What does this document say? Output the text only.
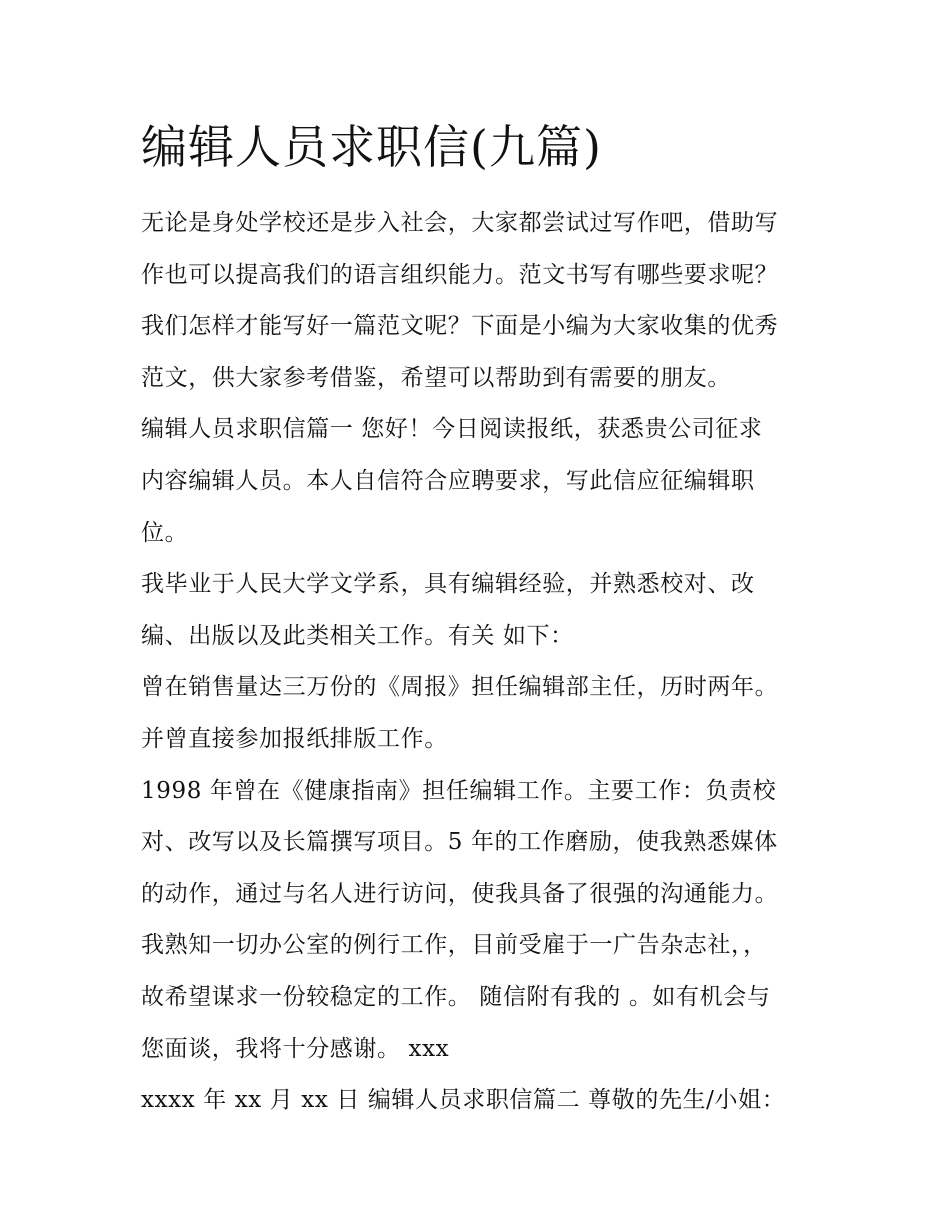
编辑人员求职信(九篇)
无论是身处学校还是步入社会，大家都尝试过写作吧，借助写
作也可以提高我们的语言组织能力。范文书写有哪些要求呢？
我们怎样才能写好一篇范文呢？下面是小编为大家收集的优秀
范文，供大家参考借鉴，希望可以帮助到有需要的朋友。
编辑人员求职信篇一 您好！今日阅读报纸，获悉贵公司征求
内容编辑人员。本人自信符合应聘要求，写此信应征编辑职
位。
我毕业于人民大学文学系，具有编辑经验，并熟悉校对、改
编、出版以及此类相关工作。有关 如下：
曾在销售量达三万份的《周报》担任编辑部主任，历时两年。
并曾直接参加报纸排版工作。
1998 年曾在《健康指南》担任编辑工作。主要工作：负责校
对、改写以及长篇撰写项目。5 年的工作磨励，使我熟悉媒体
的动作，通过与名人进行访问，使我具备了很强的沟通能力。
我熟知一切办公室的例行工作，目前受雇于一广告杂志社，，
故希望谋求一份较稳定的工作。 随信附有我的 。如有机会与
您面谈，我将十分感谢。 xxx
xxxx 年 xx 月 xx 日 编辑人员求职信篇二 尊敬的先生/小姐：
